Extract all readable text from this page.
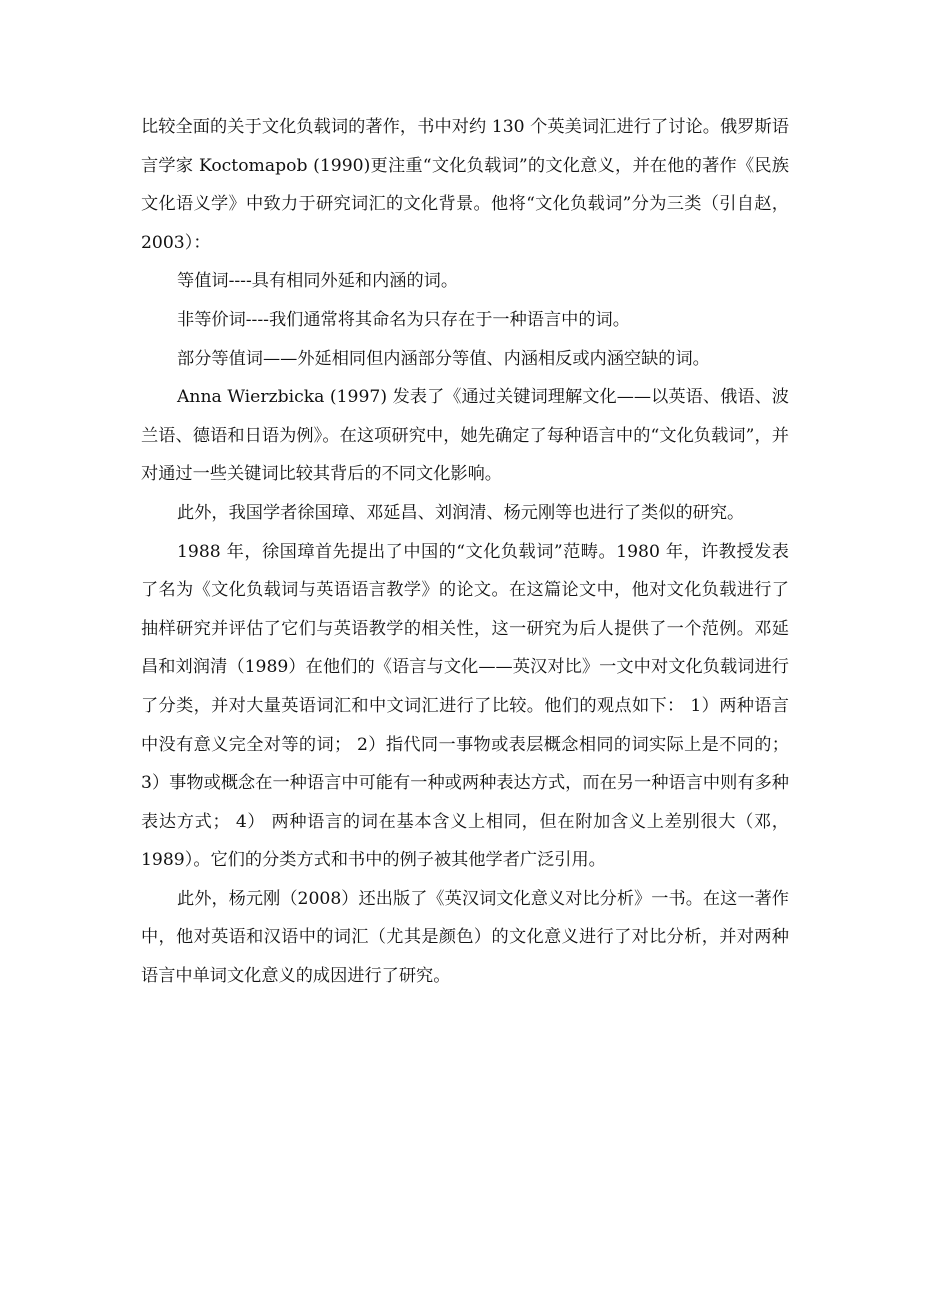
比较全面的关于文化负载词的著作，书中对约 130 个英美词汇进行了讨论。俄罗斯语言学家 Koctomapob (1990)更注重“文化负载词”的文化意义，并在他的著作《民族文化语义学》中致力于研究词汇的文化背景。他将“文化负载词”分为三类（引自赵，2003）：

等值词----具有相同外延和内涵的词。

非等价词----我们通常将其命名为只存在于一种语言中的词。

部分等值词——外延相同但内涵部分等值、内涵相反或内涵空缺的词。

Anna Wierzbicka (1997) 发表了《通过关键词理解文化——以英语、俄语、波兰语、德语和日语为例》。在这项研究中，她先确定了每种语言中的“文化负载词”，并对通过一些关键词比较其背后的不同文化影响。

此外，我国学者徐国璋、邓延昌、刘润清、杨元刚等也进行了类似的研究。

1988 年，徐国璋首先提出了中国的“文化负载词”范畴。1980 年，许教授发表了名为《文化负载词与英语语言教学》的论文。在这篇论文中，他对文化负载进行了抽样研究并评估了它们与英语教学的相关性，这一研究为后人提供了一个范例。邓延昌和刘润清（1989）在他们的《语言与文化——英汉对比》一文中对文化负载词进行了分类，并对大量英语词汇和中文词汇进行了比较。他们的观点如下： 1）两种语言中没有意义完全对等的词； 2）指代同一事物或表层概念相同的词实际上是不同的； 3）事物或概念在一种语言中可能有一种或两种表达方式，而在另一种语言中则有多种表达方式； 4） 两种语言的词在基本含义上相同，但在附加含义上差别很大（邓，1989）。它们的分类方式和书中的例子被其他学者广泛引用。

此外，杨元刚（2008）还出版了《英汉词文化意义对比分析》一书。在这一著作中，他对英语和汉语中的词汇（尤其是颜色）的文化意义进行了对比分析，并对两种语言中单词文化意义的成因进行了研究。
